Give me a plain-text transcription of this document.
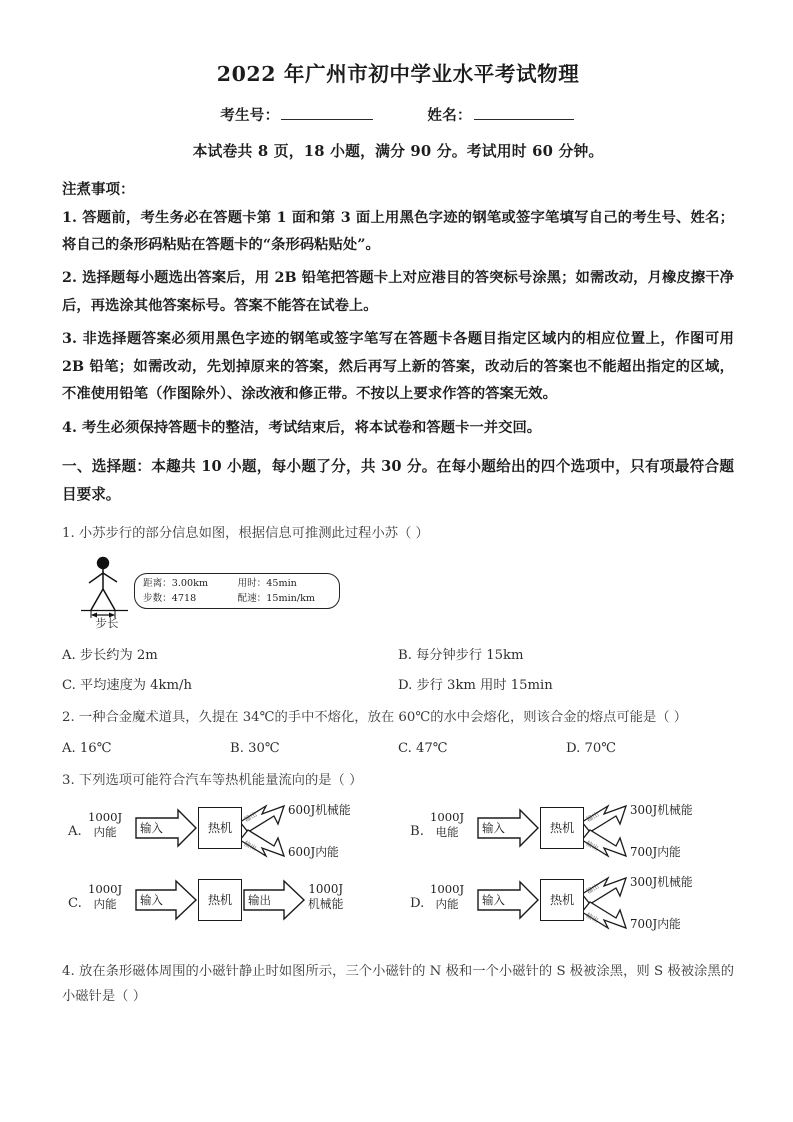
2022 年广州市初中学业水平考试物理
考生号：	姓名：
本试卷共 8 页，18 小题，满分 90 分。考试用时 60 分钟。
注煮事项：
1. 答题前，考生务必在答题卡第 1 面和第 3 面上用黑色字迹的钢笔或签字笔填写自己的考生号、姓名；将自己的条形码粘贴在答题卡的“条形码粘贴处”。
2. 选择题每小题选出答案后，用 2B 铅笔把答题卡上对应港目的答突标号涂黑；如需改动，月橡皮擦干净后，再选涂其他答案标号。答案不能答在试卷上。
3. 非选择题答案必须用黑色字迹的钢笔或签字笔写在答题卡各题目指定区域内的相应位置上，作图可用 2B 铅笔；如需改动，先划掉原来的答案，然后再写上新的答案，改动后的答案也不能超出指定的区域，不准使用铅笔（作图除外）、涂改液和修正带。不按以上要求作答的答案无效。
4. 考生必须保持答题卡的整洁，考试结束后，将本试卷和答题卡一并交回。
一、选择题：本趣共 10 小题，每小题了分，共 30 分。在每小题给出的四个选项中，只有项最符合题目要求。
1. 小苏步行的部分信息如图，根据信息可推测此过程小苏（ ）
步长
距离：3.00km	用时：45min
步数：4718	配速：15min/km
A. 步长约为 2m	B. 每分钟步行 15km
C. 平均速度为 4km/h	D. 步行 3km 用时 15min
2. 一种合金魔术道具，久提在 34℃的手中不熔化，放在 60℃的水中会熔化，则该合金的熔点可能是（ ）
A. 16℃	B. 30℃	C. 47℃	D. 70℃
3. 下列选项可能符合汽车等热机能量流向的是（ ）
A.
1000J
内能	输入	热机
600J机械能
600J内能
输出
输出
B.
1000J
电能	输入	热机
300J机械能
700J内能
输出
输出
C.
1000J
内能	输入	热机	输出
1000J
机械能	D.
1000J
内能	输入	热机
300J机械能
700J内能
输出
输出
4. 放在条形磁体周围的小磁针静止时如图所示，三个小磁针的 N 极和一个小磁针的 S 极被涂黑，则 S 极被涂黑的小磁针是（ ）
